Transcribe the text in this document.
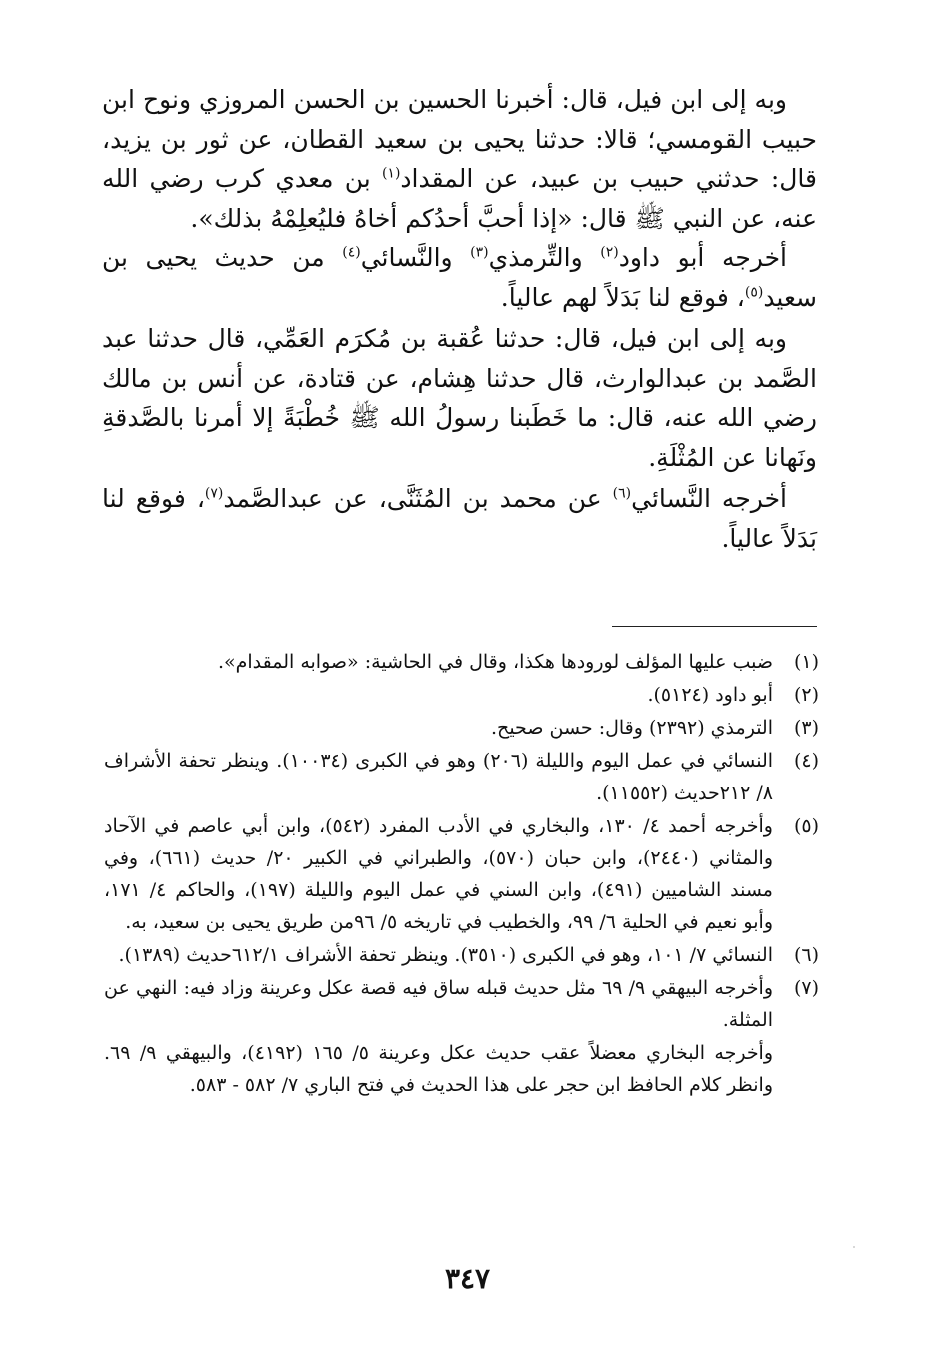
وبه إلى ابن فيل، قال: أخبرنا الحسين بن الحسن المروزي ونوح ابن حبيب القومسي؛ قالا: حدثنا يحيى بن سعيد القطان، عن ثور بن يزيد، قال: حدثني حبيب بن عبيد، عن المقداد$^{(١)}$ بن معدي كرب رضي الله عنه، عن النبي ﷺ قال: «إذا أحبَّ أحدُكم أخاهُ فليُعلِمْهُ بذلك».

أخرجه أبو داود$^{(٢)}$ والتِّرمذي$^{(٣)}$ والنَّسائي$^{(٤)}$ من حديث يحيى بن سعيد$^{(٥)}$، فوقع لنا بَدَلاً لهم عالياً.

وبه إلى ابن فيل، قال: حدثنا عُقبة بن مُكرَم العَمِّي، قال حدثنا عبد الصَّمد بن عبدالوارث، قال حدثنا هِشام، عن قتادة، عن أنس بن مالك رضي الله عنه، قال: ما خَطَبنا رسولُ الله ﷺ خُطْبَةً إلا أمرنا بالصَّدقةِ ونَهانا عن المُثْلَةِ.

أخرجه النَّسائي$^{(٦)}$ عن محمد بن المُثَنَّى، عن عبدالصَّمد$^{(٧)}$، فوقع لنا بَدَلاً عالياً.

(١)
ضبب عليها المؤلف لورودها هكذا، وقال في الحاشية: «صوابه المقدام».
(٢)
أبو داود (٥١٢٤).
(٣)
الترمذي (٢٣٩٢) وقال: حسن صحيح.
(٤)
النسائي في عمل اليوم والليلة (٢٠٦) وهو في الكبرى (١٠٠٣٤). وينظر تحفة الأشراف ٨/ ٢١٢حديث (١١٥٥٢).
(٥)
وأخرجه أحمد ٤/ ١٣٠، والبخاري في الأدب المفرد (٥٤٢)، وابن أبي عاصم في الآحاد والمثاني (٢٤٤٠)، وابن حبان (٥٧٠)، والطبراني في الكبير ٢٠/ حديث (٦٦١)، وفي مسند الشاميين (٤٩١)، وابن السني في عمل اليوم والليلة (١٩٧)، والحاكم ٤/ ١٧١، وأبو نعيم في الحلية ٦/ ٩٩، والخطيب في تاريخه ٥/ ٩٦من طريق يحيى بن سعيد، به.
(٦)
النسائي ٧/ ١٠١، وهو في الكبرى (٣٥١٠). وينظر تحفة الأشراف ٦١٢/١حديث (١٣٨٩).
(٧)
وأخرجه البيهقي ٩/ ٦٩ مثل حديث قبله ساق فيه قصة عكل وعرينة وزاد فيه: النهي عن المثلة.
وأخرجه البخاري معضلاً عقب حديث عكل وعرينة ٥/ ١٦٥ (٤١٩٢)، والبيهقي ٩/ ٦٩. وانظر كلام الحافظ ابن حجر على هذا الحديث في فتح الباري ٧/ ٥٨٢ - ٥٨٣.
٣٤٧
